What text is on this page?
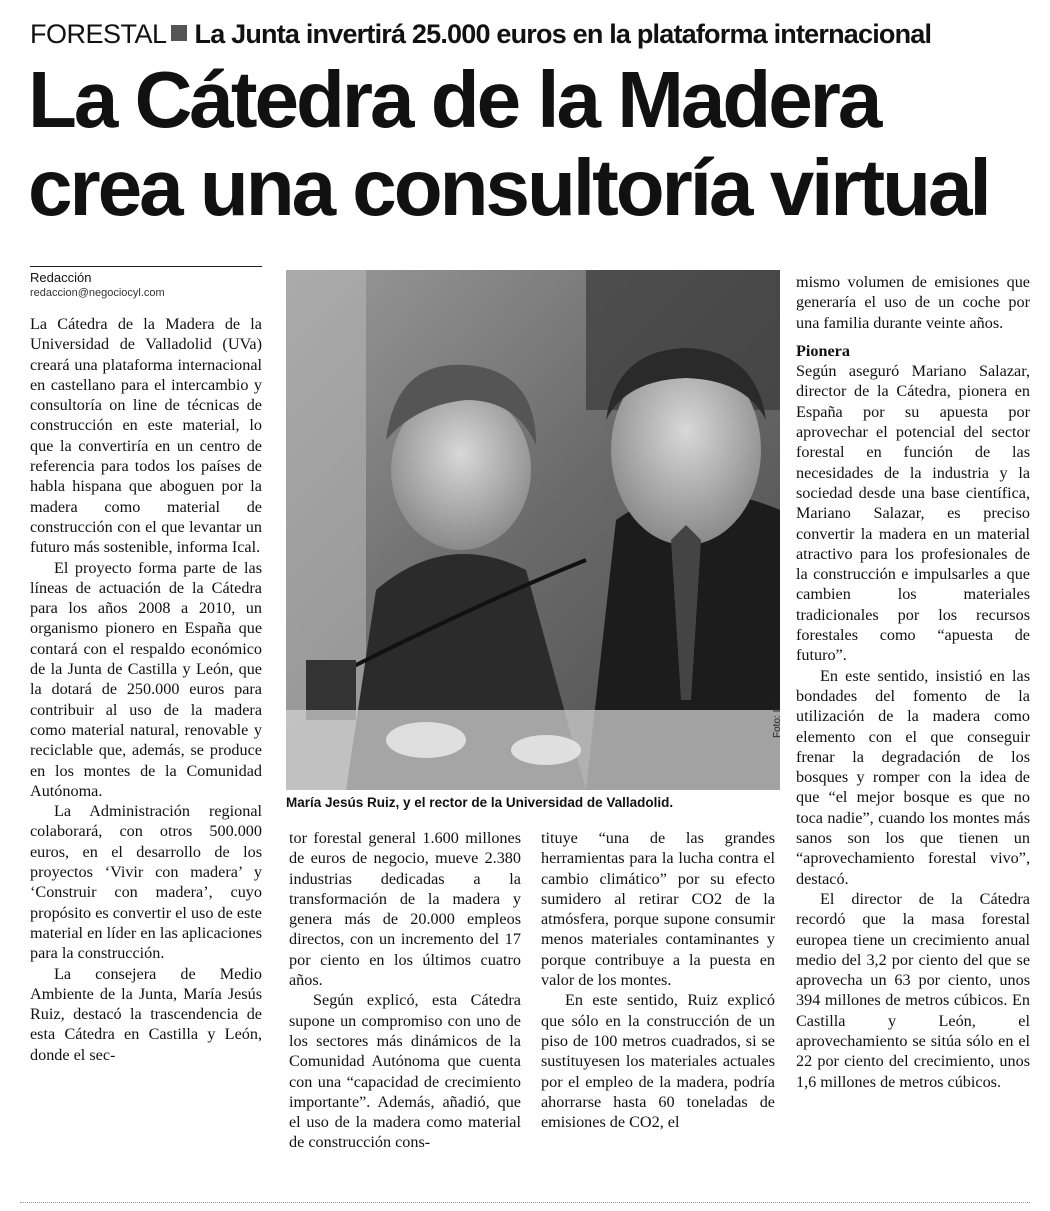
FORESTAL La Junta invertirá 25.000 euros en la plataforma internacional
La Cátedra de la Madera
crea una consultoría virtual
Redacción
redaccion@negociocyl.com

La Cátedra de la Madera de la Universidad de Valladolid (UVa) creará una plataforma internacional en castellano para el intercambio y consultoría on line de técnicas de construcción en este material, lo que la convertiría en un centro de referencia para todos los países de habla hispana que aboguen por la madera como material de construcción con el que levantar un futuro más sostenible, informa Ical.

El proyecto forma parte de las líneas de actuación de la Cátedra para los años 2008 a 2010, un organismo pionero en España que contará con el respaldo económico de la Junta de Castilla y León, que la dotará de 250.000 euros para contribuir al uso de la madera como material natural, renovable y reciclable que, además, se produce en los montes de la Comunidad Autónoma.

La Administración regional colaborará, con otros 500.000 euros, en el desarrollo de los proyectos ‘Vivir con madera’ y ‘Construir con madera’, cuyo propósito es convertir el uso de este material en líder en las aplicaciones para la construcción.

La consejera de Medio Ambiente de la Junta, María Jesús Ruiz, destacó la trascendencia de esta Cátedra en Castilla y León, donde el sec-

Foto: ICAL
María Jesús Ruiz, y el rector de la Universidad de Valladolid.

tor forestal general 1.600 millones de euros de negocio, mueve 2.380 industrias dedicadas a la transformación de la madera y genera más de 20.000 empleos directos, con un incremento del 17 por ciento en los últimos cuatro años.

Según explicó, esta Cátedra supone un compromiso con uno de los sectores más dinámicos de la Comunidad Autónoma que cuenta con una “capacidad de crecimiento importante”. Además, añadió, que el uso de la madera como material de construcción cons-

tituye “una de las grandes herramientas para la lucha contra el cambio climático” por su efecto sumidero al retirar CO2 de la atmósfera, porque supone consumir menos materiales contaminantes y porque contribuye a la puesta en valor de los montes.

En este sentido, Ruiz explicó que sólo en la construcción de un piso de 100 metros cuadrados, si se sustituyesen los materiales actuales por el empleo de la madera, podría ahorrarse hasta 60 toneladas de emisiones de CO2, el

mismo volumen de emisiones que generaría el uso de un coche por una familia durante veinte años.

Pionera

Según aseguró Mariano Salazar, director de la Cátedra, pionera en España por su apuesta por aprovechar el potencial del sector forestal en función de las necesidades de la industria y la sociedad desde una base científica, Mariano Salazar, es preciso convertir la madera en un material atractivo para los profesionales de la construcción e impulsarles a que cambien los materiales tradicionales por los recursos forestales como “apuesta de futuro”.

En este sentido, insistió en las bondades del fomento de la utilización de la madera como elemento con el que conseguir frenar la degradación de los bosques y romper con la idea de que “el mejor bosque es que no toca nadie”, cuando los montes más sanos son los que tienen un “aprovechamiento forestal vivo”, destacó.

El director de la Cátedra recordó que la masa forestal europea tiene un crecimiento anual medio del 3,2 por ciento del que se aprovecha un 63 por ciento, unos 394 millones de metros cúbicos. En Castilla y León, el aprovechamiento se sitúa sólo en el 22 por ciento del crecimiento, unos 1,6 millones de metros cúbicos.
